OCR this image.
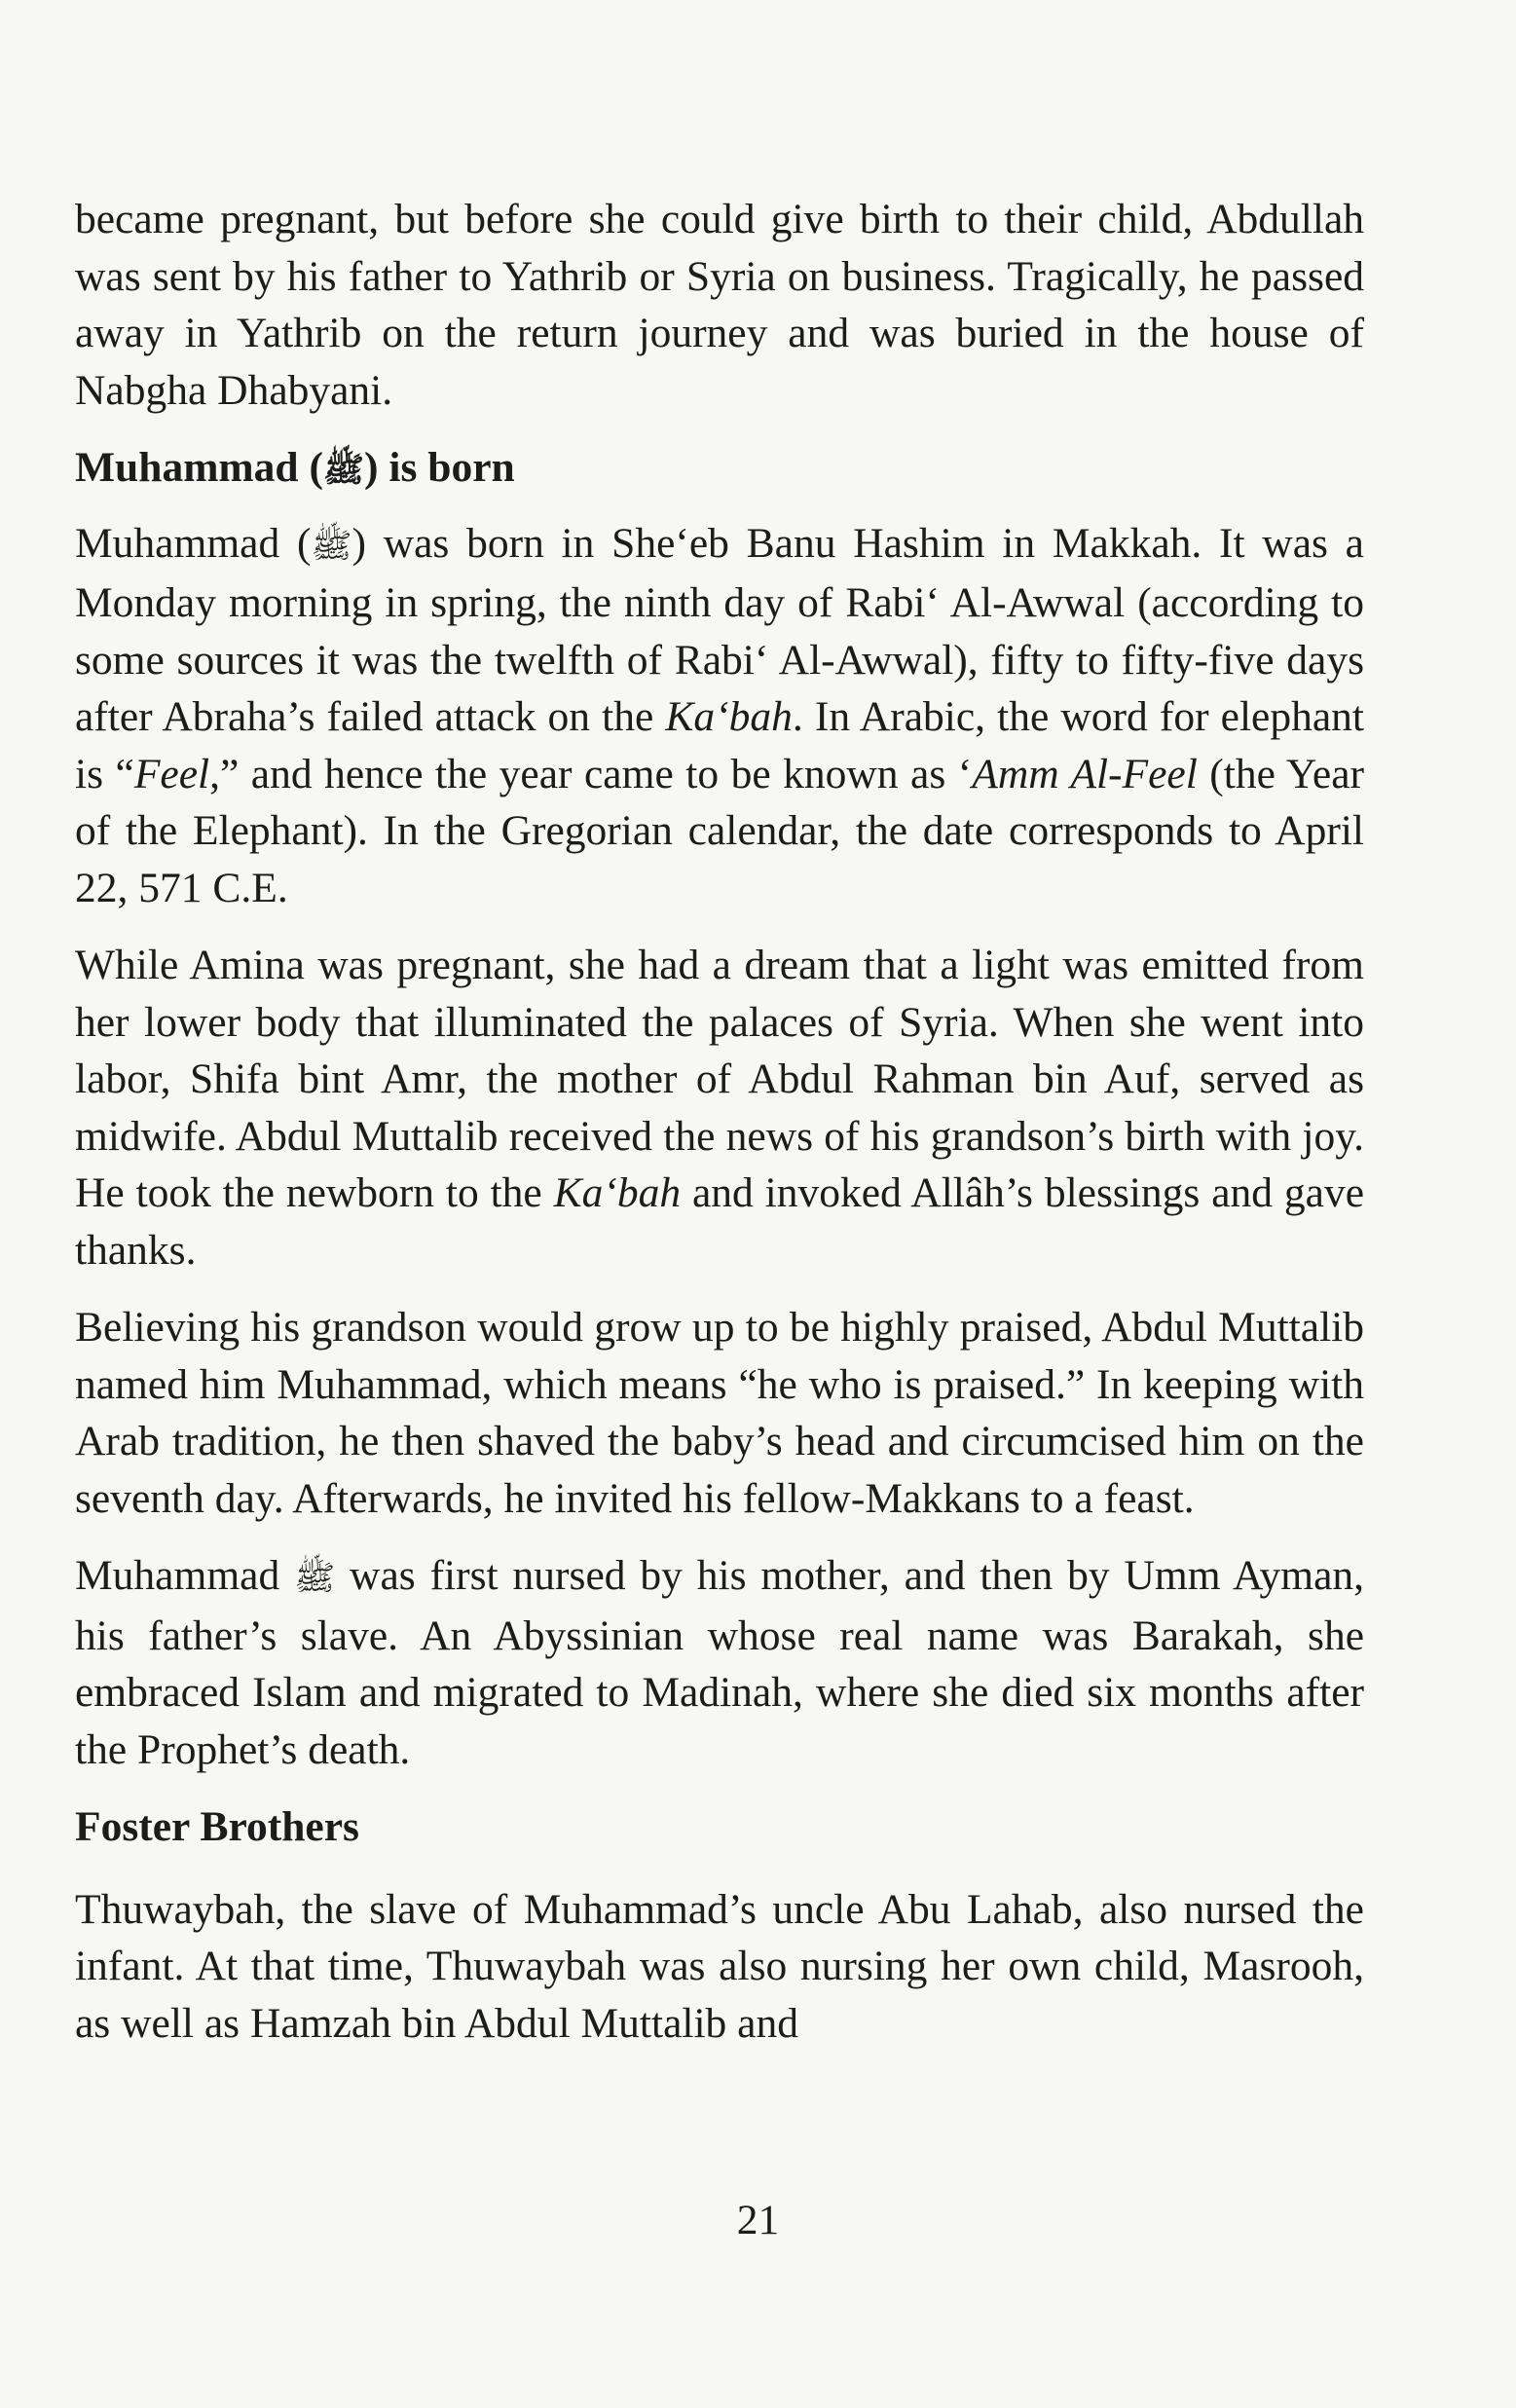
became pregnant, but before she could give birth to their child, Abdullah was sent by his father to Yathrib or Syria on business. Tragically, he passed away in Yathrib on the return journey and was buried in the house of Nabgha Dhabyani.

Muhammad (ﷺ) is born

Muhammad (ﷺ) was born in She‘eb Banu Hashim in Makkah. It was a Monday morning in spring, the ninth day of Rabi‘ Al-Awwal (according to some sources it was the twelfth of Rabi‘ Al-Awwal), fifty to fifty-five days after Abraha’s failed attack on the Ka‘bah. In Arabic, the word for elephant is “Feel,” and hence the year came to be known as ‘Amm Al-Feel (the Year of the Elephant). In the Gregorian calendar, the date corresponds to April 22, 571 C.E.

While Amina was pregnant, she had a dream that a light was emitted from her lower body that illuminated the palaces of Syria. When she went into labor, Shifa bint Amr, the mother of Abdul Rahman bin Auf, served as midwife. Abdul Muttalib received the news of his grandson’s birth with joy. He took the newborn to the Ka‘bah and invoked Allâh’s blessings and gave thanks.

Believing his grandson would grow up to be highly praised, Abdul Muttalib named him Muhammad, which means “he who is praised.” In keeping with Arab tradition, he then shaved the baby’s head and circumcised him on the seventh day. Afterwards, he invited his fellow-Makkans to a feast.

Muhammad ﷺ was first nursed by his mother, and then by Umm Ayman, his father’s slave. An Abyssinian whose real name was Barakah, she embraced Islam and migrated to Madinah, where she died six months after the Prophet’s death.

Foster Brothers

Thuwaybah, the slave of Muhammad’s uncle Abu Lahab, also nursed the infant. At that time, Thuwaybah was also nursing her own child, Masrooh, as well as Hamzah bin Abdul Muttalib and

21
